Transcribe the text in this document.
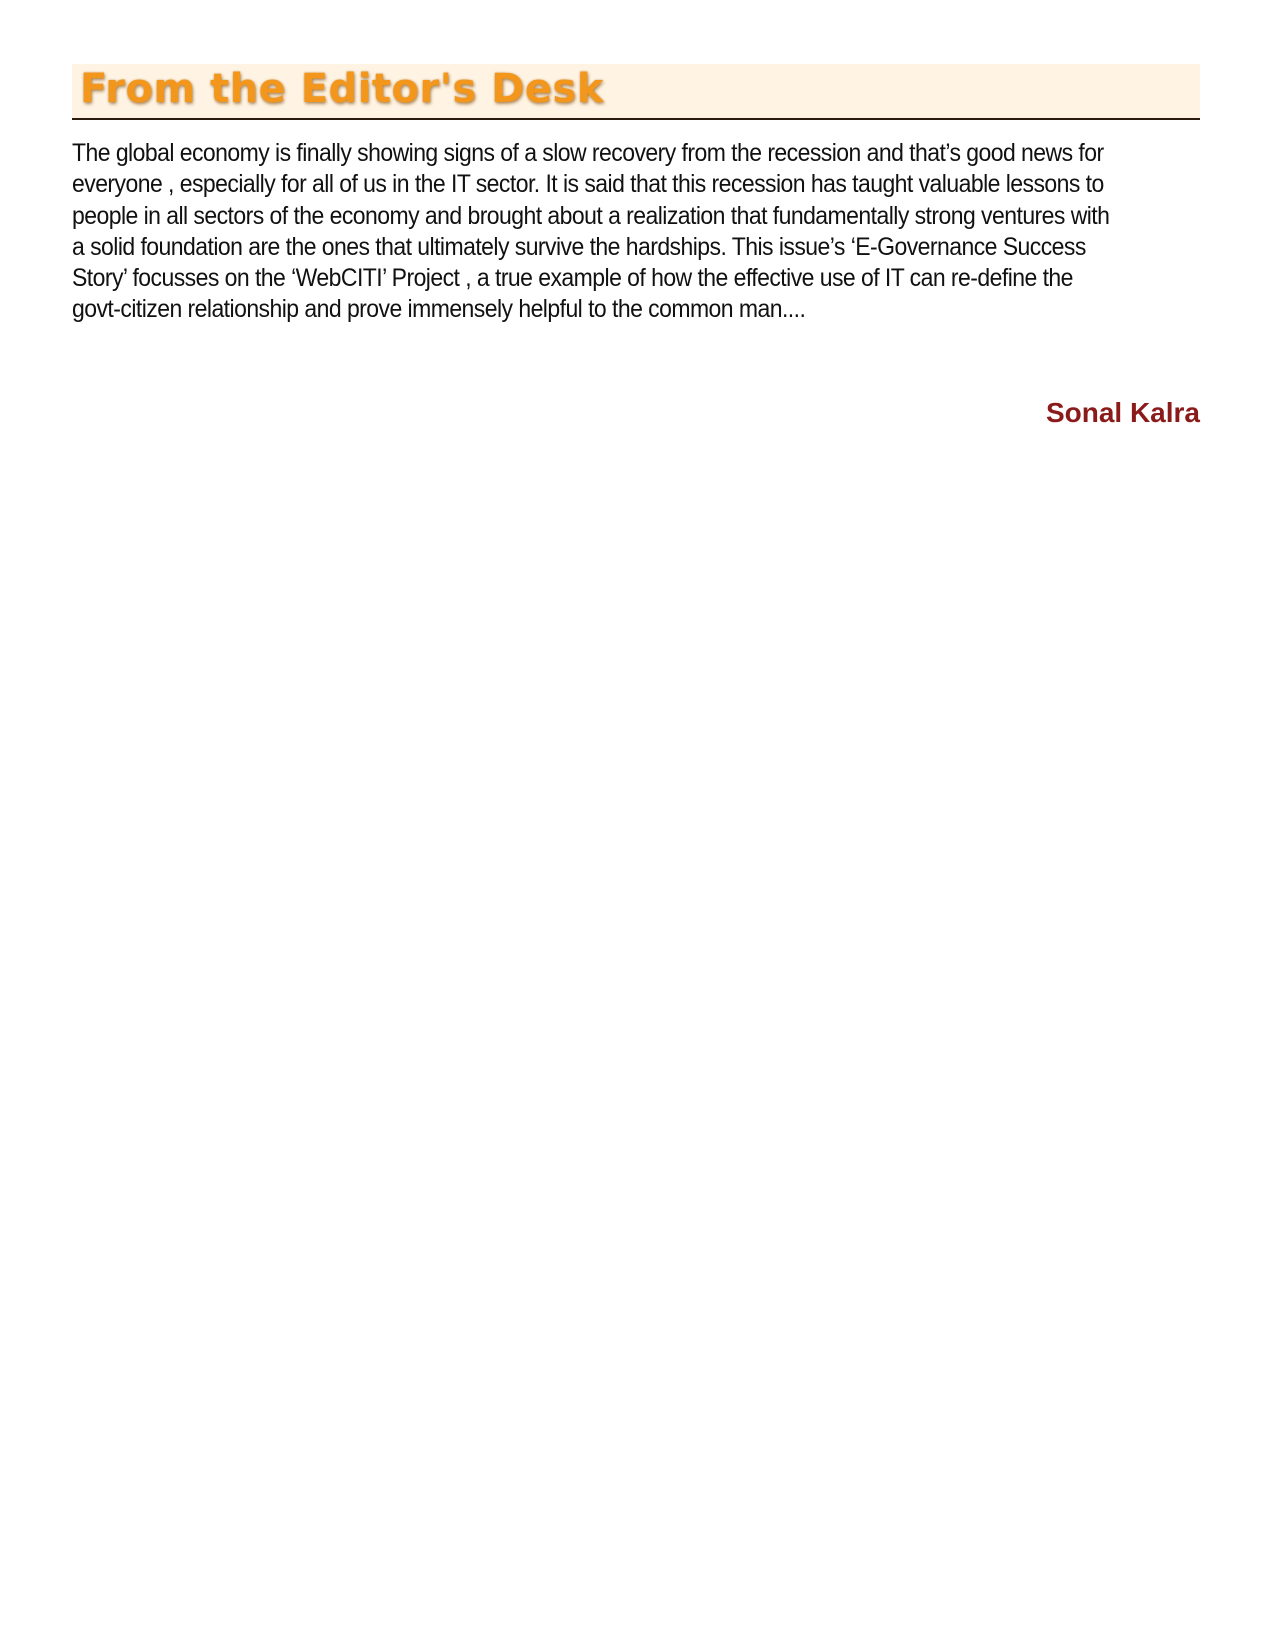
From the Editor's Desk

The global economy is finally showing signs of a slow recovery from the recession and that’s good news for everyone , especially for all of us in the IT sector. It is said that this recession has taught valuable lessons to people in all sectors of the economy and brought about a realization that fundamentally strong ventures with a solid foundation are the ones that ultimately survive the hardships. This issue’s ‘E-Governance Success Story’ focusses on the ‘WebCITI’ Project , a true example of how the effective use of IT can re-define the govt-citizen relationship and prove immensely helpful to the common man....

Sonal Kalra
